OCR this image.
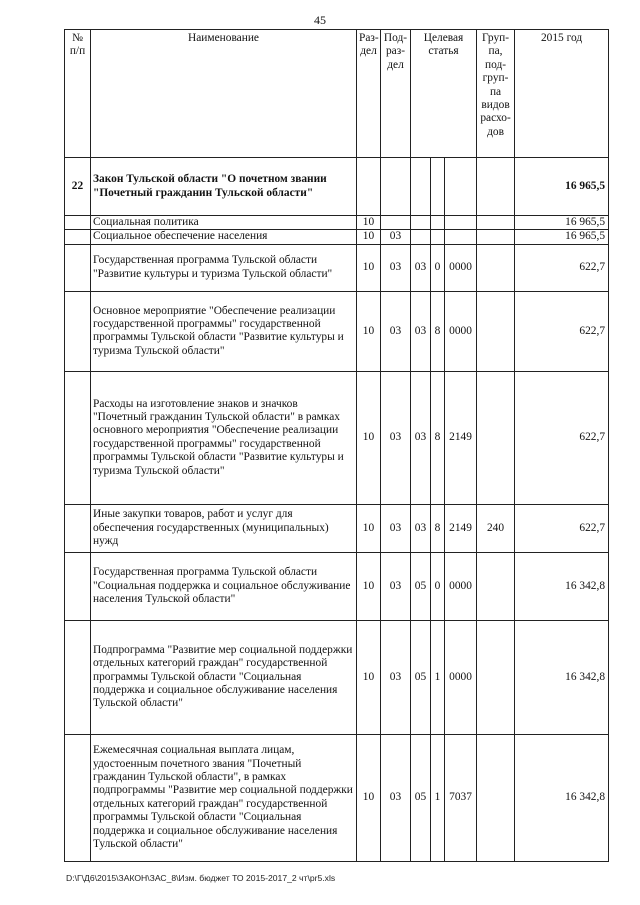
45
№ п/п	Наименование	Раз-дел	Под-раз-дел	Целевая статья			Груп-па, под-груп-па видов расхо-дов	2015 год
22	Закон Тульской области "О почетном звании "Почетный гражданин Тульской области"							16 965,5
	Социальная политика	10						16 965,5
	Социальное обеспечение населения	10	03					16 965,5
	Государственная программа Тульской области "Развитие культуры и туризма Тульской области"	10	03	03	0	0000		622,7
	Основное мероприятие "Обеспечение реализации государственной программы" государственной программы Тульской области "Развитие культуры и туризма Тульской области"	10	03	03	8	0000		622,7
	Расходы на изготовление знаков и значков "Почетный гражданин Тульской области" в рамках основного мероприятия "Обеспечение реализации государственной программы" государственной программы Тульской области "Развитие культуры и туризма Тульской области"	10	03	03	8	2149		622,7
	Иные закупки товаров, работ и услуг для обеспечения государственных (муниципальных) нужд	10	03	03	8	2149	240	622,7
	Государственная программа Тульской области "Социальная поддержка и социальное обслуживание населения Тульской области"	10	03	05	0	0000		16 342,8
	Подпрограмма "Развитие мер социальной поддержки отдельных категорий граждан" государственной программы Тульской области "Социальная поддержка и социальное обслуживание населения Тульской области"	10	03	05	1	0000		16 342,8
	Ежемесячная социальная выплата лицам, удостоенным почетного звания "Почетный гражданин Тульской области", в рамках подпрограммы "Развитие мер социальной поддержки отдельных категорий граждан" государственной программы Тульской области "Социальная поддержка и социальное обслуживание населения Тульской области"	10	03	05	1	7037		16 342,8
D:\Г\Д6\2015\ЗАКОН\ЗАС_8\Изм. бюджет ТО 2015-2017_2 чт\pr5.xls
